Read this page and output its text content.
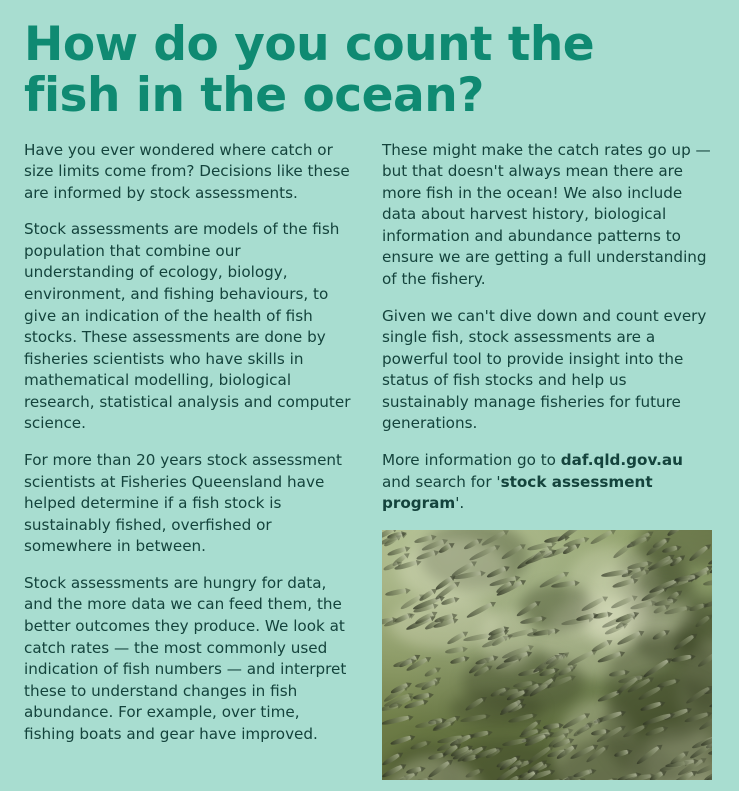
How do you count the
fish in the ocean?

Have you ever wondered where catch or size limits come from? Decisions like these are informed by stock assessments.

Stock assessments are models of the fish population that combine our understanding of ecology, biology, environment, and fishing behaviours, to give an indication of the health of fish stocks. These assessments are done by fisheries scientists who have skills in mathematical modelling, biological research, statistical analysis and computer science.

For more than 20 years stock assessment scientists at Fisheries Queensland have helped determine if a fish stock is sustainably fished, overfished or somewhere in between.

Stock assessments are hungry for data, and the more data we can feed them, the better outcomes they produce. We look at catch rates — the most commonly used indication of fish numbers — and interpret these to understand changes in fish abundance. For example, over time, fishing boats and gear have improved.

These might make the catch rates go up — but that doesn't always mean there are more fish in the ocean! We also include data about harvest history, biological information and abundance patterns to ensure we are getting a full understanding of the fishery.

Given we can't dive down and count every single fish, stock assessments are a powerful tool to provide insight into the status of fish stocks and help us sustainably manage fisheries for future generations.

More information go to daf.qld.gov.au and search for 'stock assessment program'.
